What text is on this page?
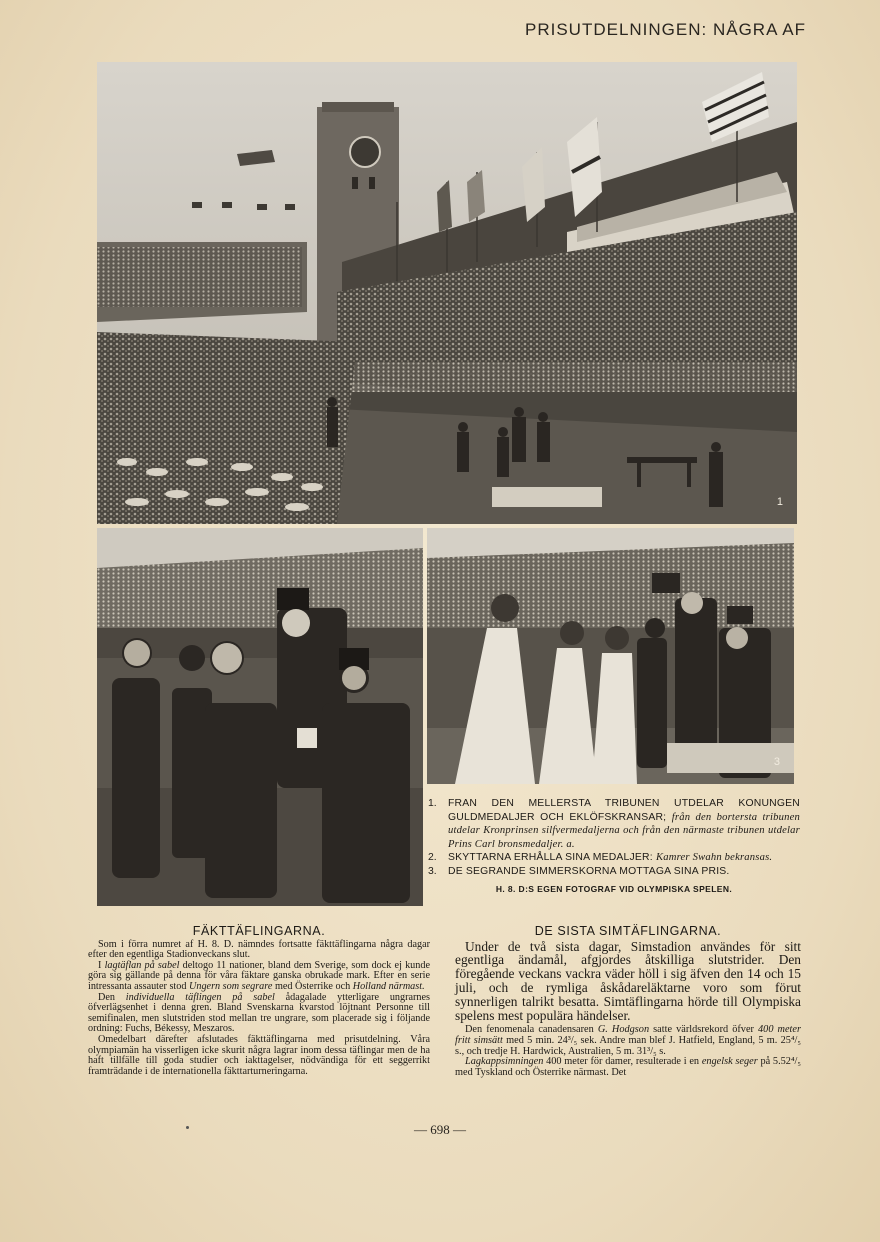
PRISUTDELNINGEN: NÅGRA AF
1
3
1.	FRAN DEN MELLERSTA TRIBUNEN UTDELAR KONUNGEN GULDMEDALJER OCH EKLÖFSKRANSAR; från den bortersta tribunen utdelar Kronprinsen silfvermedaljerna och från den närmaste tribunen utdelar Prins Carl bronsmedaljer. a.
2.	SKYTTARNA ERHÅLLA SINA MEDALJER: Kamrer Swahn bekransas.
3.	DE SEGRANDE SIMMERSKORNA MOTTAGA SINA PRIS.
H. 8. D:S EGEN FOTOGRAF VID OLYMPISKA SPELEN.
FÄKTTÄFLINGARNA.

Som i förra numret af H. 8. D. nämndes fortsatte fäkttäflingarna några dagar efter den egentliga Stadionveckans slut.

I lagtäflan på sabel deltogo 11 nationer, bland dem Sverige, som dock ej kunde göra sig gällande på denna för våra fäktare ganska obrukade mark. Efter en serie intressanta assauter stod Ungern som segrare med Österrike och Holland närmast.

Den individuella täflingen på sabel ådagalade ytterligare ungrarnes öfverlägsenhet i denna gren. Bland Svenskarna kvarstod löjtnant Personne till semifinalen, men slutstriden stod mellan tre ungrare, som placerade sig i följande ordning: Fuchs, Békessy, Meszaros.

Omedelbart därefter afslutades fäkttäflingarna med prisutdelning. Våra olympiamän ha visserligen icke skurit några lagrar inom dessa täflingar men de ha haft tillfälle till goda studier och iakttagelser, nödvändiga för ett seggerrikt framträdande i de internationella fäkttarturneringarna.

DE SISTA SIMTÄFLINGARNA.

Under de två sista dagar, Simstadion användes för sitt egentliga ändamål, afgjordes åtskilliga slutstrider. Den föregående veckans vackra väder höll i sig äfven den 14 och 15 juli, och de rymliga åskådareläktarne voro som förut synnerligen talrikt besatta. Simtäflingarna hörde till Olympiska spelens mest populära händelser.

Den fenomenala canadensaren G. Hodgson satte världsrekord öfver 400 meter fritt simsätt med 5 min. 24³/₅ sek. Andre man blef J. Hatfield, England, 5 m. 25⁴/₅ s., och tredje H. Hardwick, Australien, 5 m. 31³/₅ s.

Lagkappsimningen 400 meter för damer, resulterade i en engelsk seger på 5.52⁴/₅ med Tyskland och Österrike närmast. Det

— 698 —
